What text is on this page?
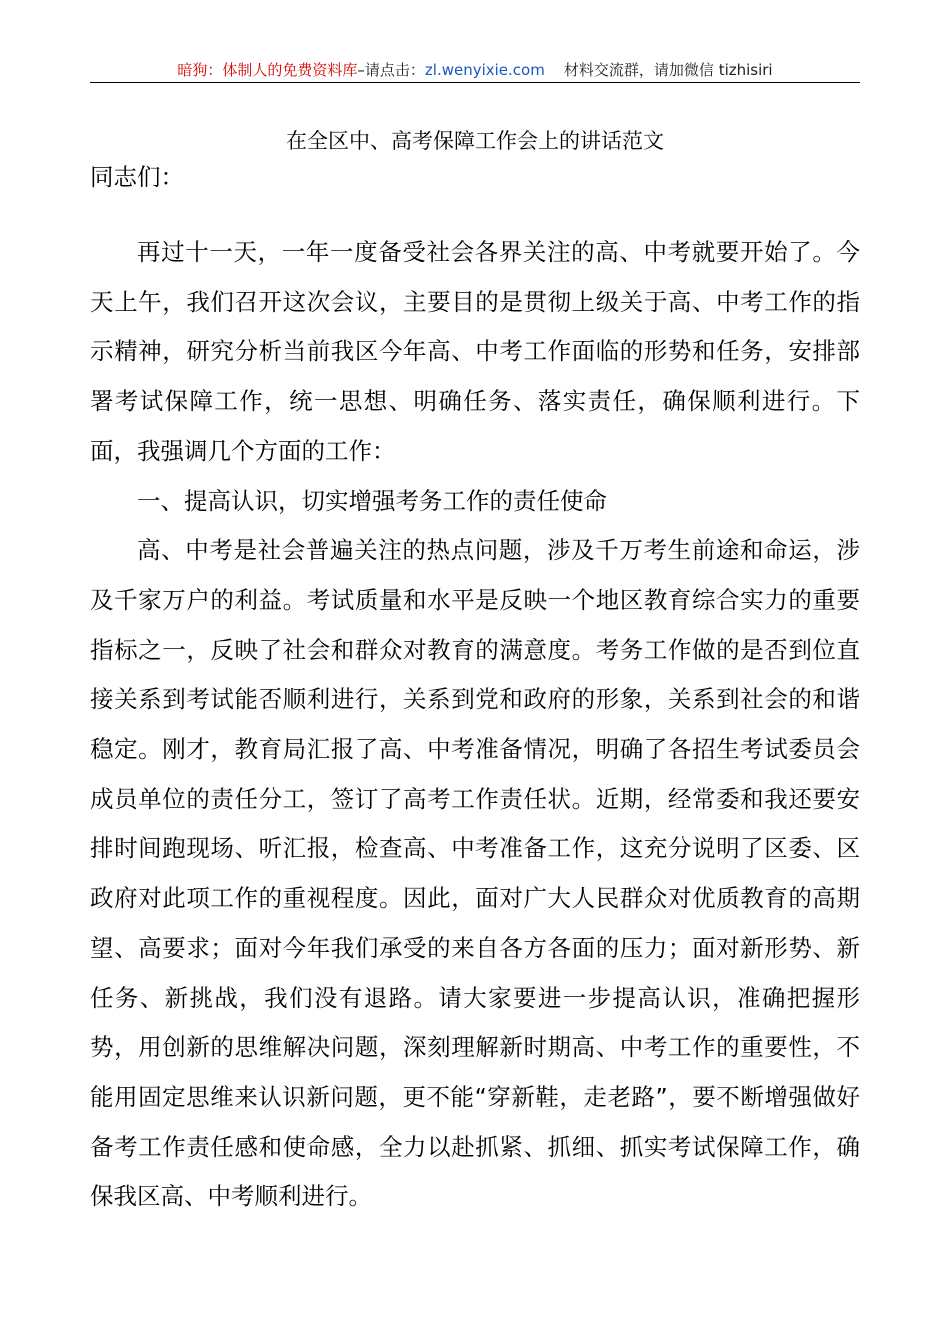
暗狗：体制人的免费资料库–请点击：zl.wenyixie.com 材料交流群，请加微信 tizhisiri
在全区中、高考保障工作会上的讲话范文
同志们：

再过十一天，一年一度备受社会各界关注的高、中考就要开始了。今天上午，我们召开这次会议，主要目的是贯彻上级关于高、中考工作的指示精神，研究分析当前我区今年高、中考工作面临的形势和任务，安排部署考试保障工作，统一思想、明确任务、落实责任，确保顺利进行。下面，我强调几个方面的工作：

一、提高认识，切实增强考务工作的责任使命

高、中考是社会普遍关注的热点问题，涉及千万考生前途和命运，涉及千家万户的利益。考试质量和水平是反映一个地区教育综合实力的重要指标之一，反映了社会和群众对教育的满意度。考务工作做的是否到位直接关系到考试能否顺利进行，关系到党和政府的形象，关系到社会的和谐稳定。刚才，教育局汇报了高、中考准备情况，明确了各招生考试委员会成员单位的责任分工，签订了高考工作责任状。近期，经常委和我还要安排时间跑现场、听汇报，检查高、中考准备工作，这充分说明了区委、区政府对此项工作的重视程度。因此，面对广大人民群众对优质教育的高期望、高要求；面对今年我们承受的来自各方各面的压力；面对新形势、新任务、新挑战，我们没有退路。请大家要进一步提高认识，准确把握形势，用创新的思维解决问题，深刻理解新时期高、中考工作的重要性，不能用固定思维来认识新问题，更不能“穿新鞋，走老路”，要不断增强做好备考工作责任感和使命感，全力以赴抓紧、抓细、抓实考试保障工作，确保我区高、中考顺利进行。
